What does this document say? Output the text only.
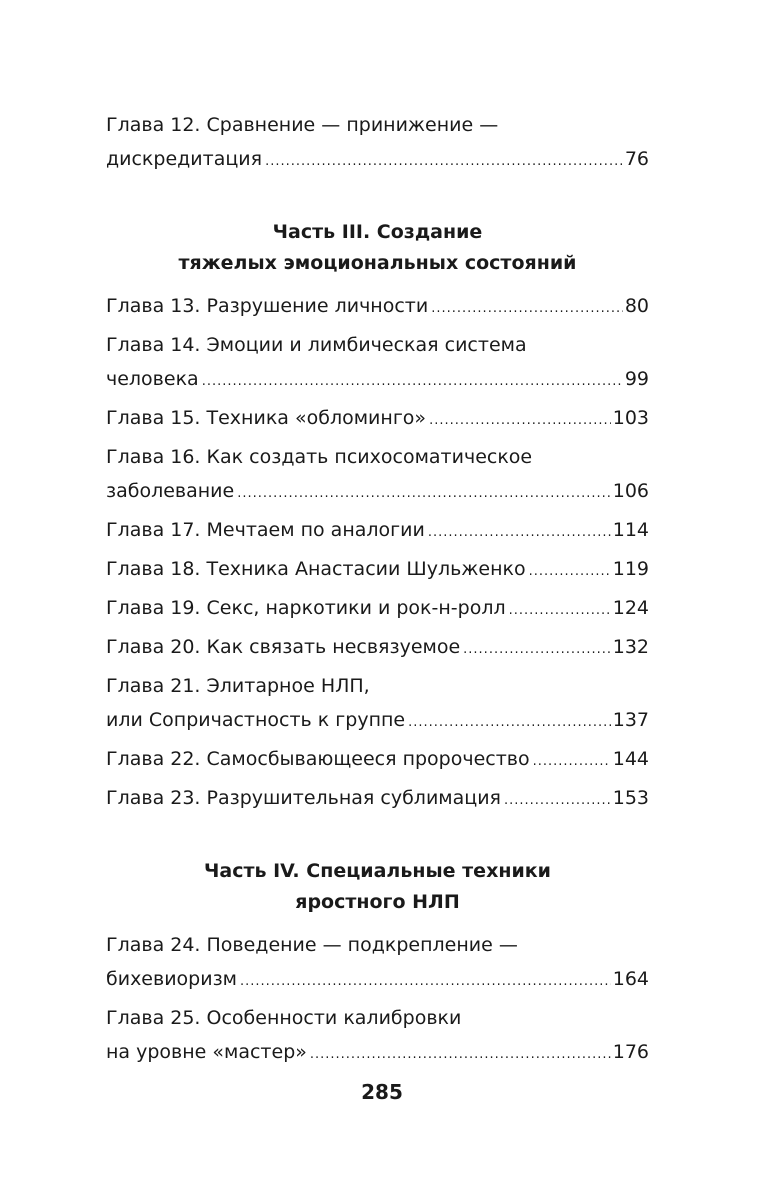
Глава 12. Сравнение — принижение —
дискредитация .....	76
Часть III. Создание
тяжелых эмоциональных состояний
Глава 13. Разрушение личности .....	80
Глава 14. Эмоции и лимбическая система
человека .....	99
Глава 15. Техника «обломинго» .....	103
Глава 16. Как создать психосоматическое
заболевание .....	106
Глава 17. Мечтаем по аналогии .....	114
Глава 18. Техника Анастасии Шульженко .....	119
Глава 19. Секс, наркотики и рок-н-ролл .....	124
Глава 20. Как связать несвязуемое .....	132
Глава 21. Элитарное НЛП,
или Сопричастность к группе .....	137
Глава 22. Самосбывающееся пророчество .....	144
Глава 23. Разрушительная сублимация .....	153
Часть IV. Специальные техники
яростного НЛП
Глава 24. Поведение — подкрепление —
бихевиоризм .....	164
Глава 25. Особенности калибровки
на уровне «мастер» .....	176
285
